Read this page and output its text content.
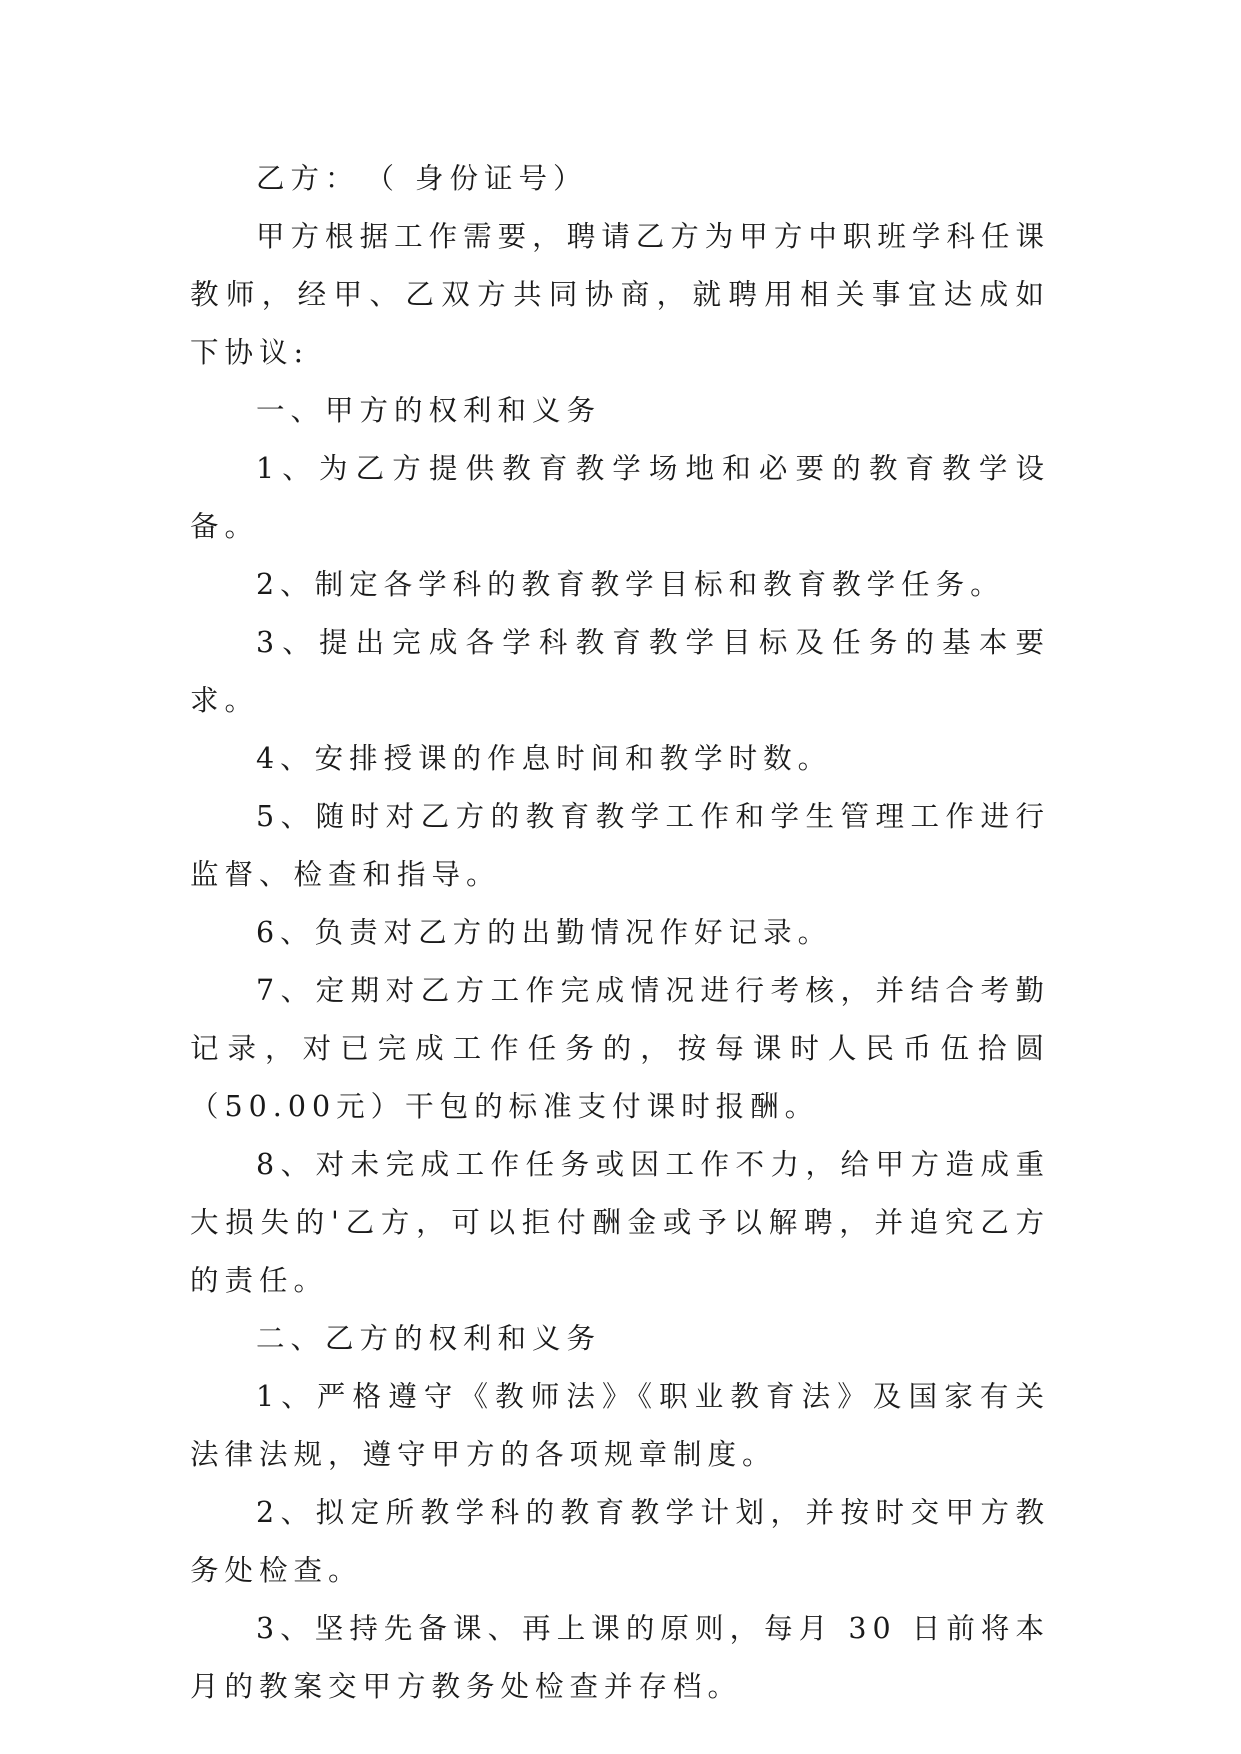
乙方：　（ 身份证号）

甲方根据工作需要，聘请乙方为甲方中职班学科任课教师，经甲、乙双方共同协商，就聘用相关事宜达成如下协议:

一、甲方的权利和义务

1、为乙方提供教育教学场地和必要的教育教学设备。

2、制定各学科的教育教学目标和教育教学任务。

3、提出完成各学科教育教学目标及任务的基本要求。

4、安排授课的作息时间和教学时数。

5、随时对乙方的教育教学工作和学生管理工作进行监督、检查和指导。

6、负责对乙方的出勤情况作好记录。

7、定期对乙方工作完成情况进行考核，并结合考勤记录，对已完成工作任务的，按每课时人民币伍拾圆（50.00元）干包的标准支付课时报酬。

8、对未完成工作任务或因工作不力，给甲方造成重大损失的'乙方，可以拒付酬金或予以解聘，并追究乙方的责任。

二、乙方的权利和义务

1、严格遵守《教师法》《职业教育法》及国家有关法律法规，遵守甲方的各项规章制度。

2、拟定所教学科的教育教学计划，并按时交甲方教务处检查。

3、坚持先备课、再上课的原则，每月 30 日前将本月的教案交甲方教务处检查并存档。
